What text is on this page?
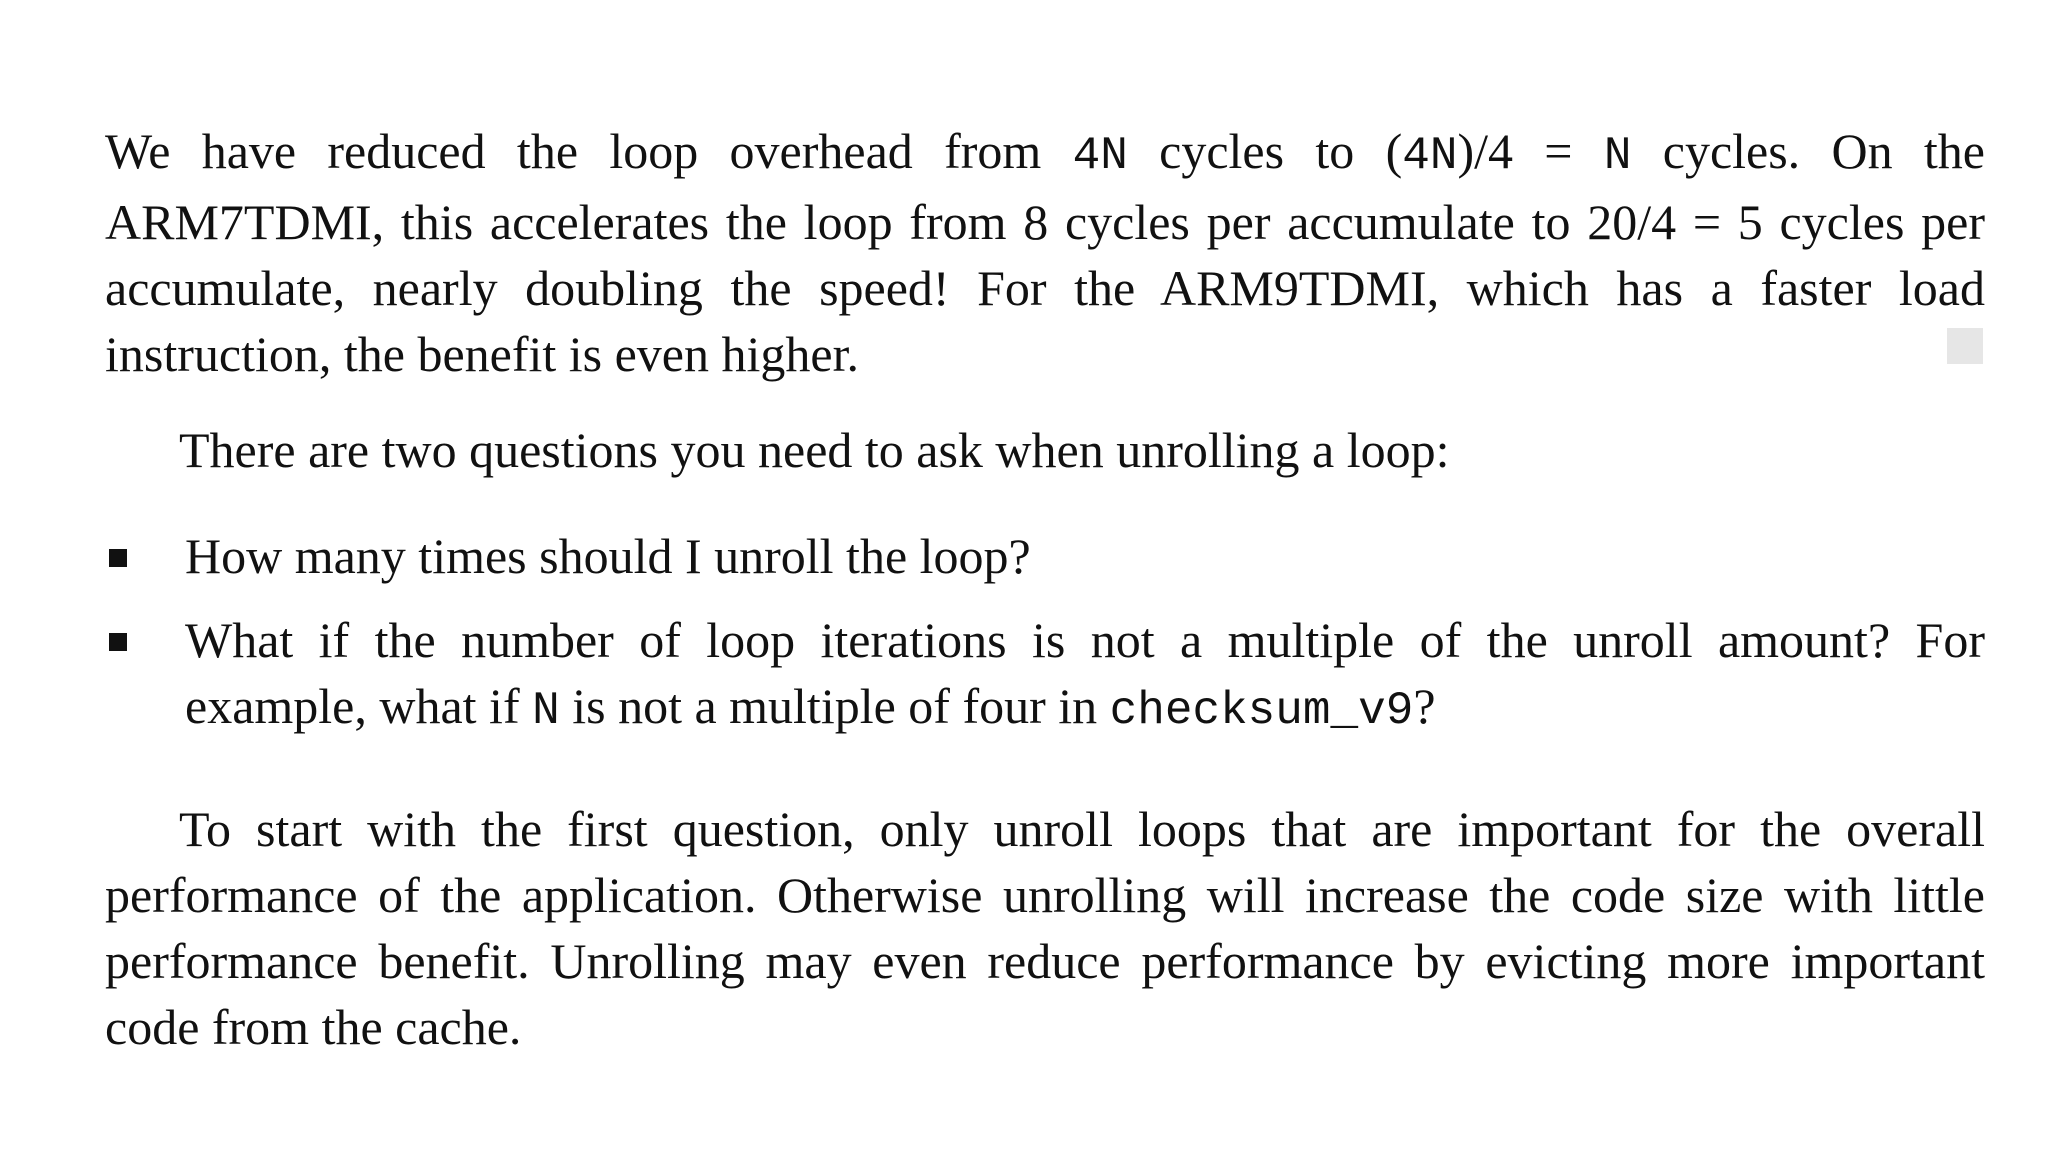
We have reduced the loop overhead from 4N cycles to (4N)/4 = N cycles. On the ARM7TDMI, this accelerates the loop from 8 cycles per accumulate to 20/4 = 5 cycles per accumulate, nearly doubling the speed! For the ARM9TDMI, which has a faster load instruction, the benefit is even higher.

There are two questions you need to ask when unrolling a loop:

How many times should I unroll the loop?
What if the number of loop iterations is not a multiple of the unroll amount? For example, what if N is not a multiple of four in checksum_v9?

To start with the first question, only unroll loops that are important for the overall performance of the application. Otherwise unrolling will increase the code size with little performance benefit. Unrolling may even reduce performance by evicting more important code from the cache.
